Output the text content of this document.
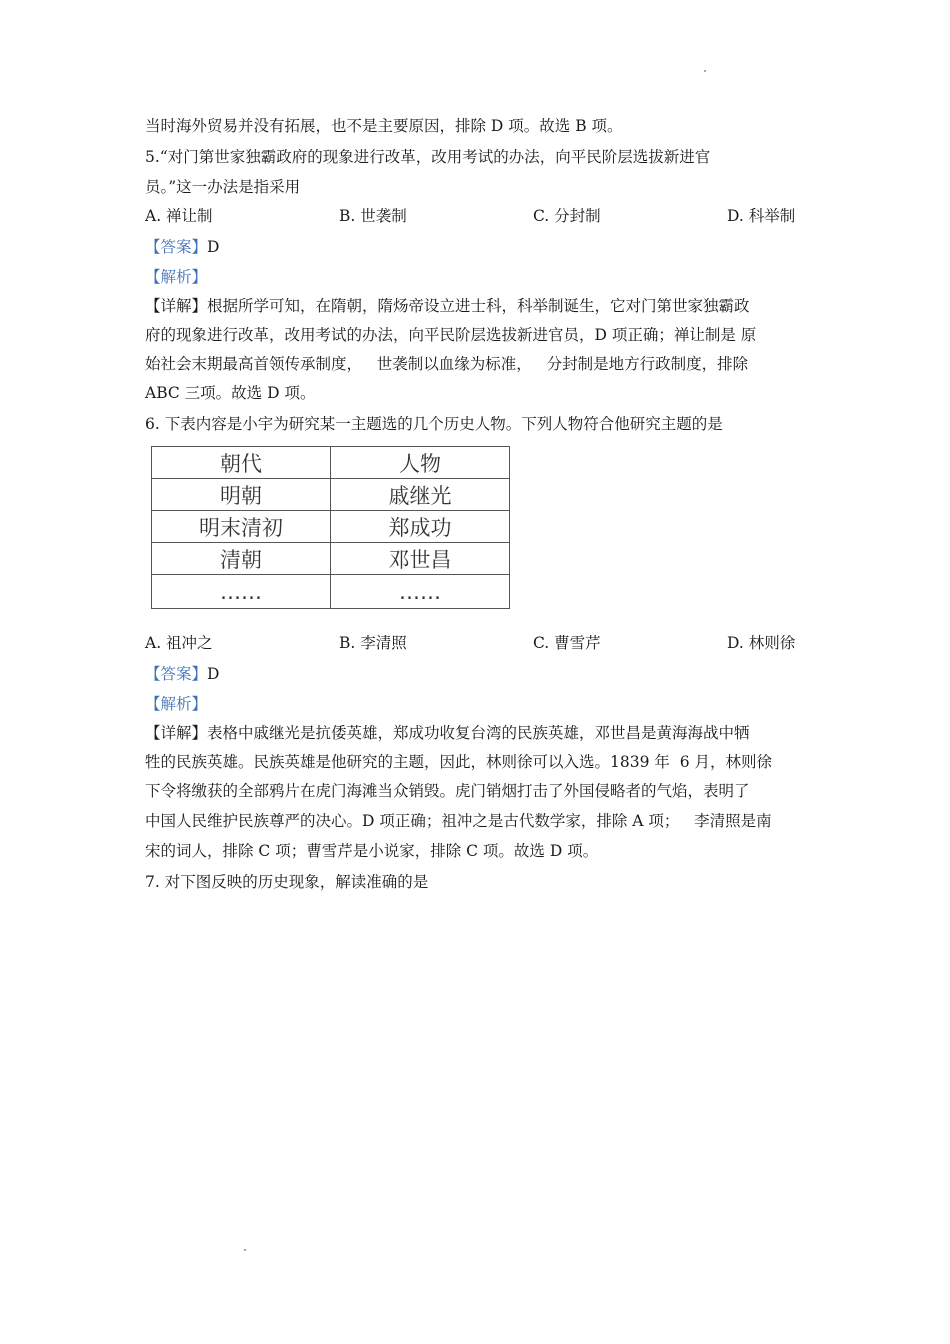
当时海外贸易并没有拓展，也不是主要原因，排除 D 项。故选 B 项。
5.“对门第世家独霸政府的现象进行改革，改用考试的办法，向平民阶层选拔新进官
员。”这一办法是指采用
A. 禅让制	B. 世袭制	C. 分封制	D. 科举制
【答案】D
【解析】
【详解】根据所学可知，在隋朝，隋炀帝设立进士科，科举制诞生，它对门第世家独霸政
府的现象进行改革，改用考试的办法，向平民阶层选拔新进官员，D 项正确；禅让制是 原
始社会末期最高首领传承制度，   世袭制以血缘为标准，   分封制是地方行政制度，排除
ABC 三项。故选 D 项。
6. 下表内容是小宇为研究某一主题选的几个历史人物。下列人物符合他研究主题的是
朝代	人物
明朝	戚继光
明末清初	郑成功
清朝	邓世昌
……	……
A. 祖冲之	B. 李清照	C. 曹雪芹	D. 林则徐
【答案】D
【解析】
【详解】表格中戚继光是抗倭英雄，郑成功收复台湾的民族英雄，邓世昌是黄海海战中牺
牲的民族英雄。民族英雄是他研究的主题，因此，林则徐可以入选。1839 年  6 月，林则徐
下令将缴获的全部鸦片在虎门海滩当众销毁。虎门销烟打击了外国侵略者的气焰，表明了
中国人民维护民族尊严的决心。D 项正确；祖冲之是古代数学家，排除 A 项；   李清照是南
宋的词人，排除 C 项；曹雪芹是小说家，排除 C 项。故选 D 项。
7. 对下图反映的历史现象，解读准确的是
